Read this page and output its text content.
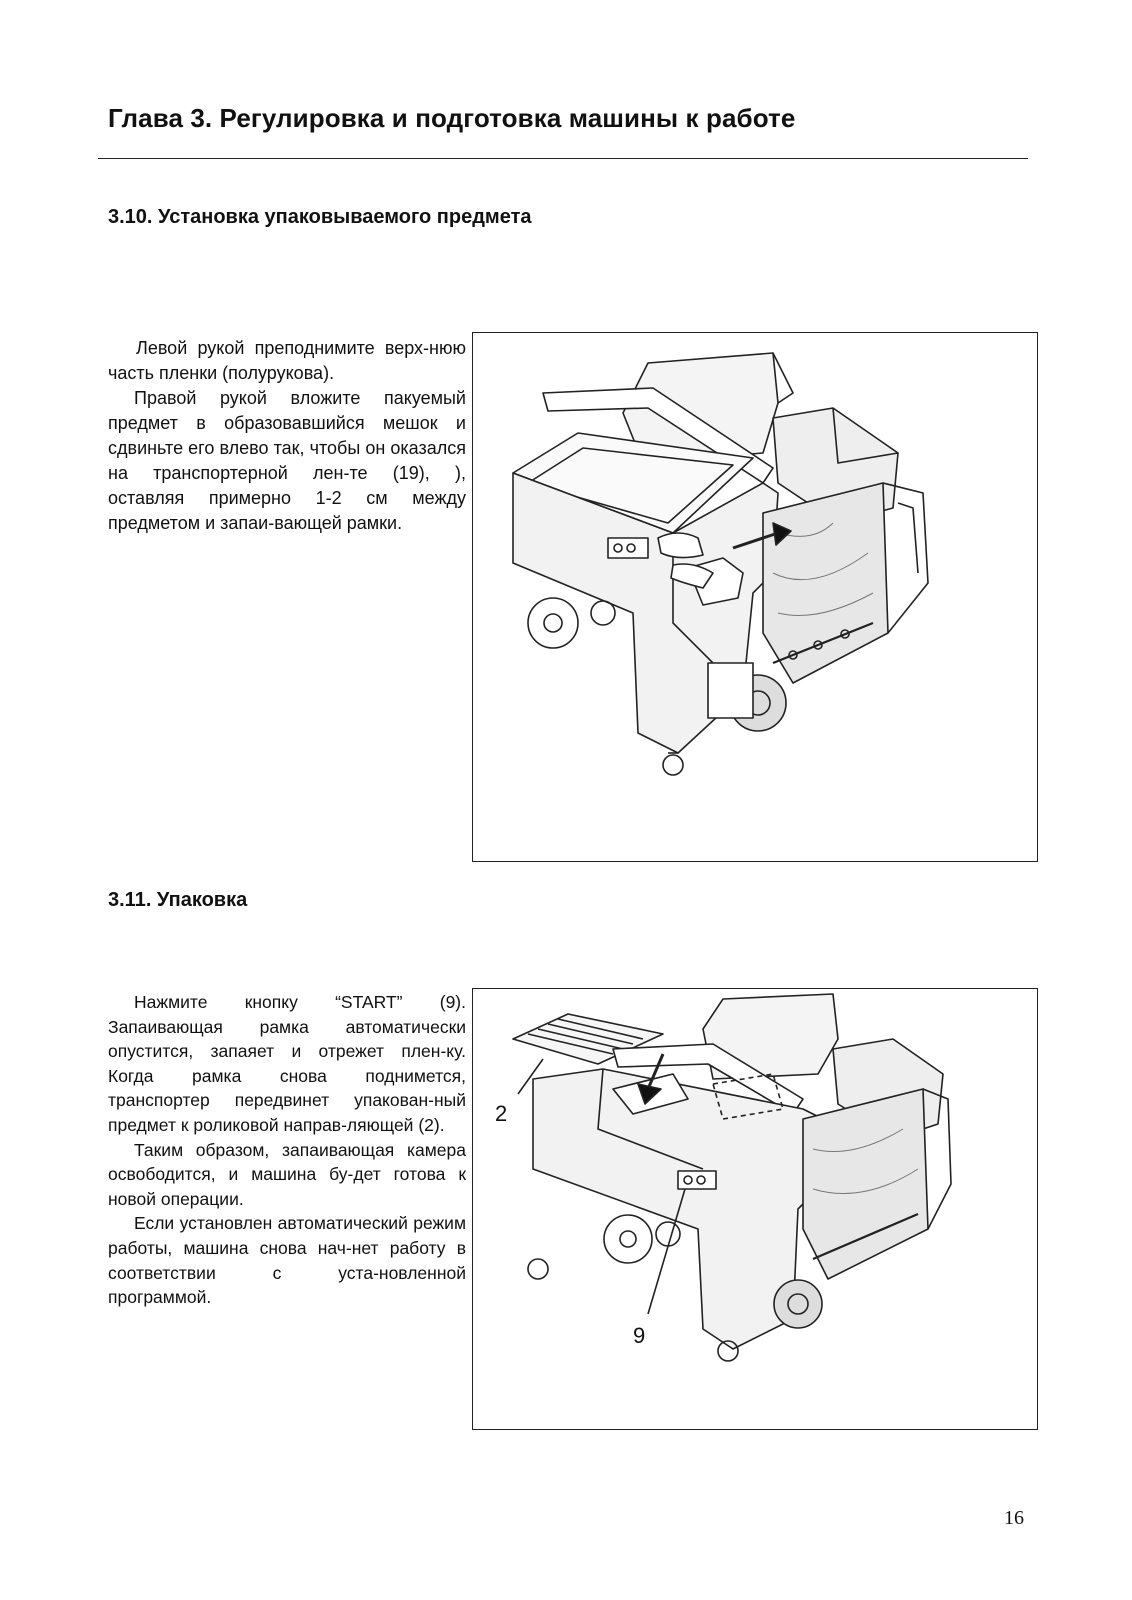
Глава 3. Регулировка и подготовка машины к работе
3.10. Установка упаковываемого предмета

Левой рукой преподнимите верх-нюю часть пленки (полурукова).

Правой рукой вложите пакуемый предмет в образовавшийся мешок и сдвиньте его влево так, чтобы он оказался на транспортерной лен-те (19), ), оставляя примерно 1-2 см между предметом и запаи-вающей рамки.

3.11. Упаковка

Нажмите кнопку “START” (9). Запаивающая рамка автоматически опустится, запаяет и отрежет плен-ку. Когда рамка снова поднимется, транспортер передвинет упакован-ный предмет к роликовой направ-ляющей (2).

Таким образом, запаивающая камера освободится, и машина бу-дет готова к новой операции.

Если установлен автоматический режим работы, машина снова нач-нет работу в соответствии с уста-новленной программой.

2
9
16
